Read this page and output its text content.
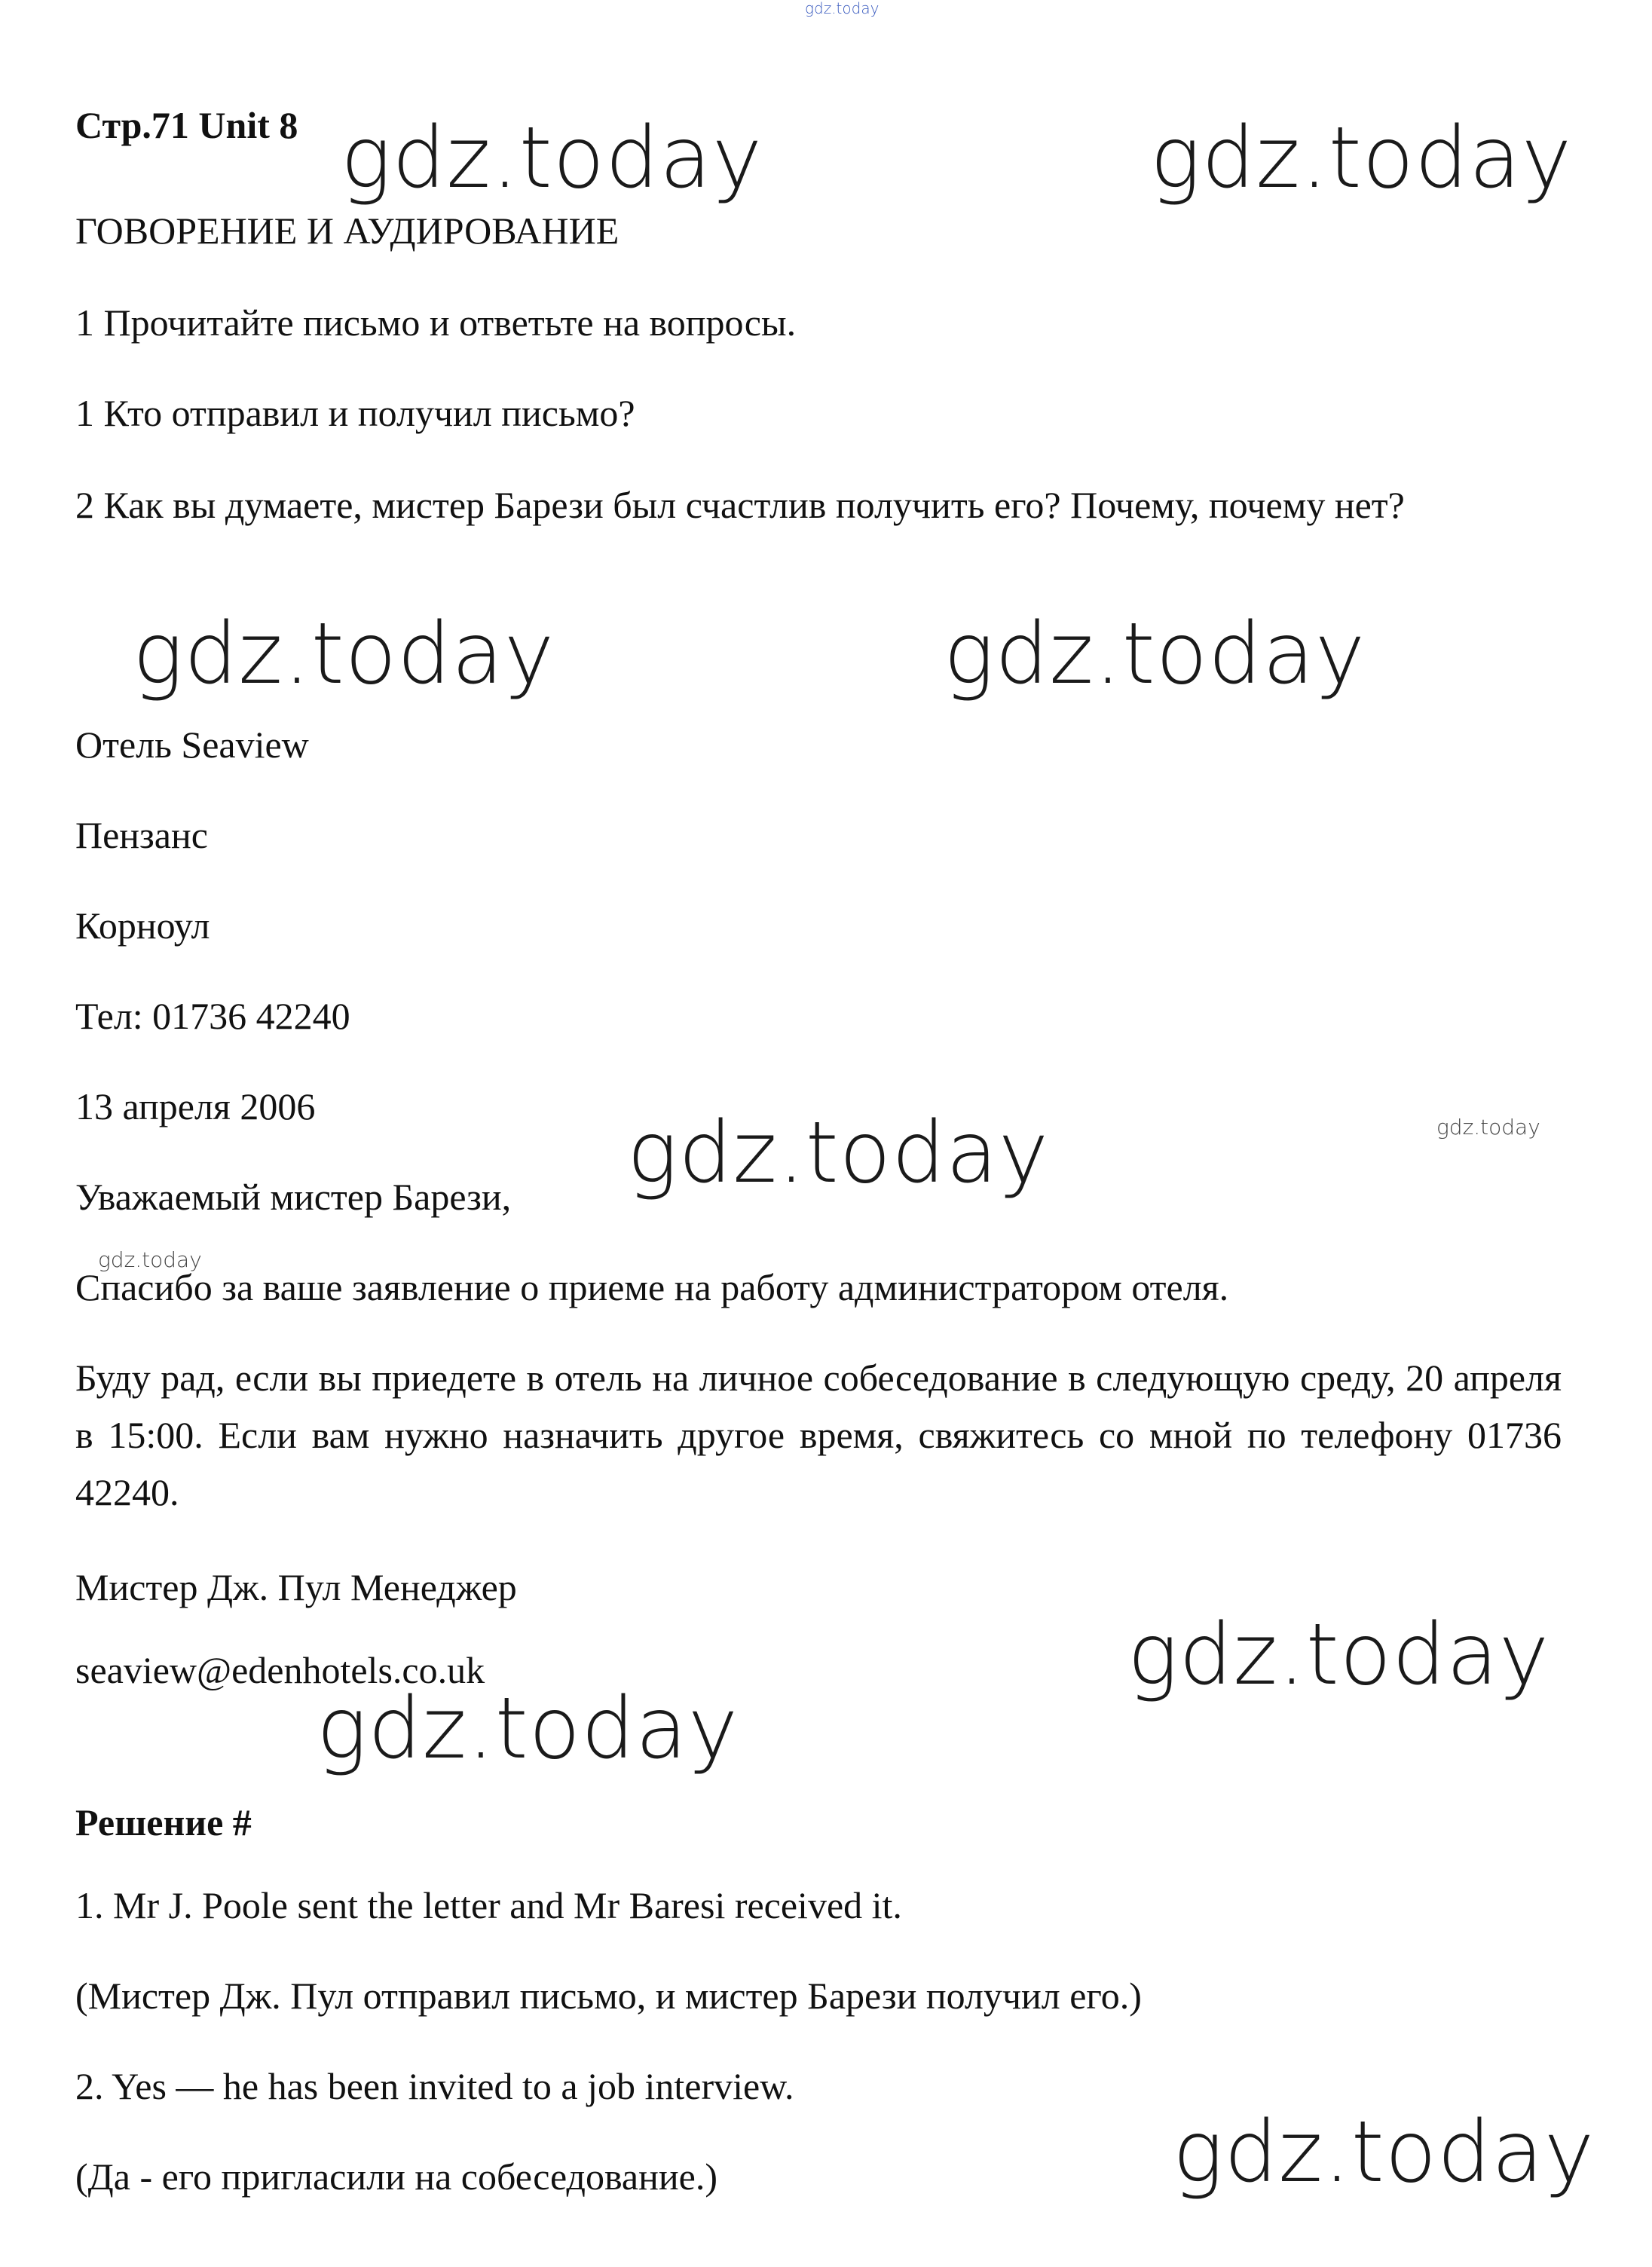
gdz.today
gdz.today	gdz.today
gdz.today	gdz.today
gdz.today	gdz.today
gdz.today
gdz.today
gdz.today
gdz.today

Стр.71 Unit 8

ГОВОРЕНИЕ И АУДИРОВАНИЕ

1 Прочитайте письмо и ответьте на вопросы.

1 Кто отправил и получил письмо?

2 Как вы думаете, мистер Барези был счастлив получить его? Почему, почему нет?

Отель Seaview

Пензанс

Корноул

Тел: 01736 42240

13 апреля 2006

Уважаемый мистер Барези,

Спасибо за ваше заявление о приеме на работу администратором отеля.

Буду рад, если вы приедете в отель на личное собеседование в следующую среду, 20 апреля в 15:00. Если вам нужно назначить другое время, свяжитесь со мной по телефону 01736 42240.

Мистер Дж. Пул Менеджер

seaview@edenhotels.co.uk

Решение #

1. Mr J. Poole sent the letter and Mr Baresi received it.

(Мистер Дж. Пул отправил письмо, и мистер Барези получил его.)

2. Yes — he has been invited to a job interview.

(Да - его пригласили на собеседование.)
